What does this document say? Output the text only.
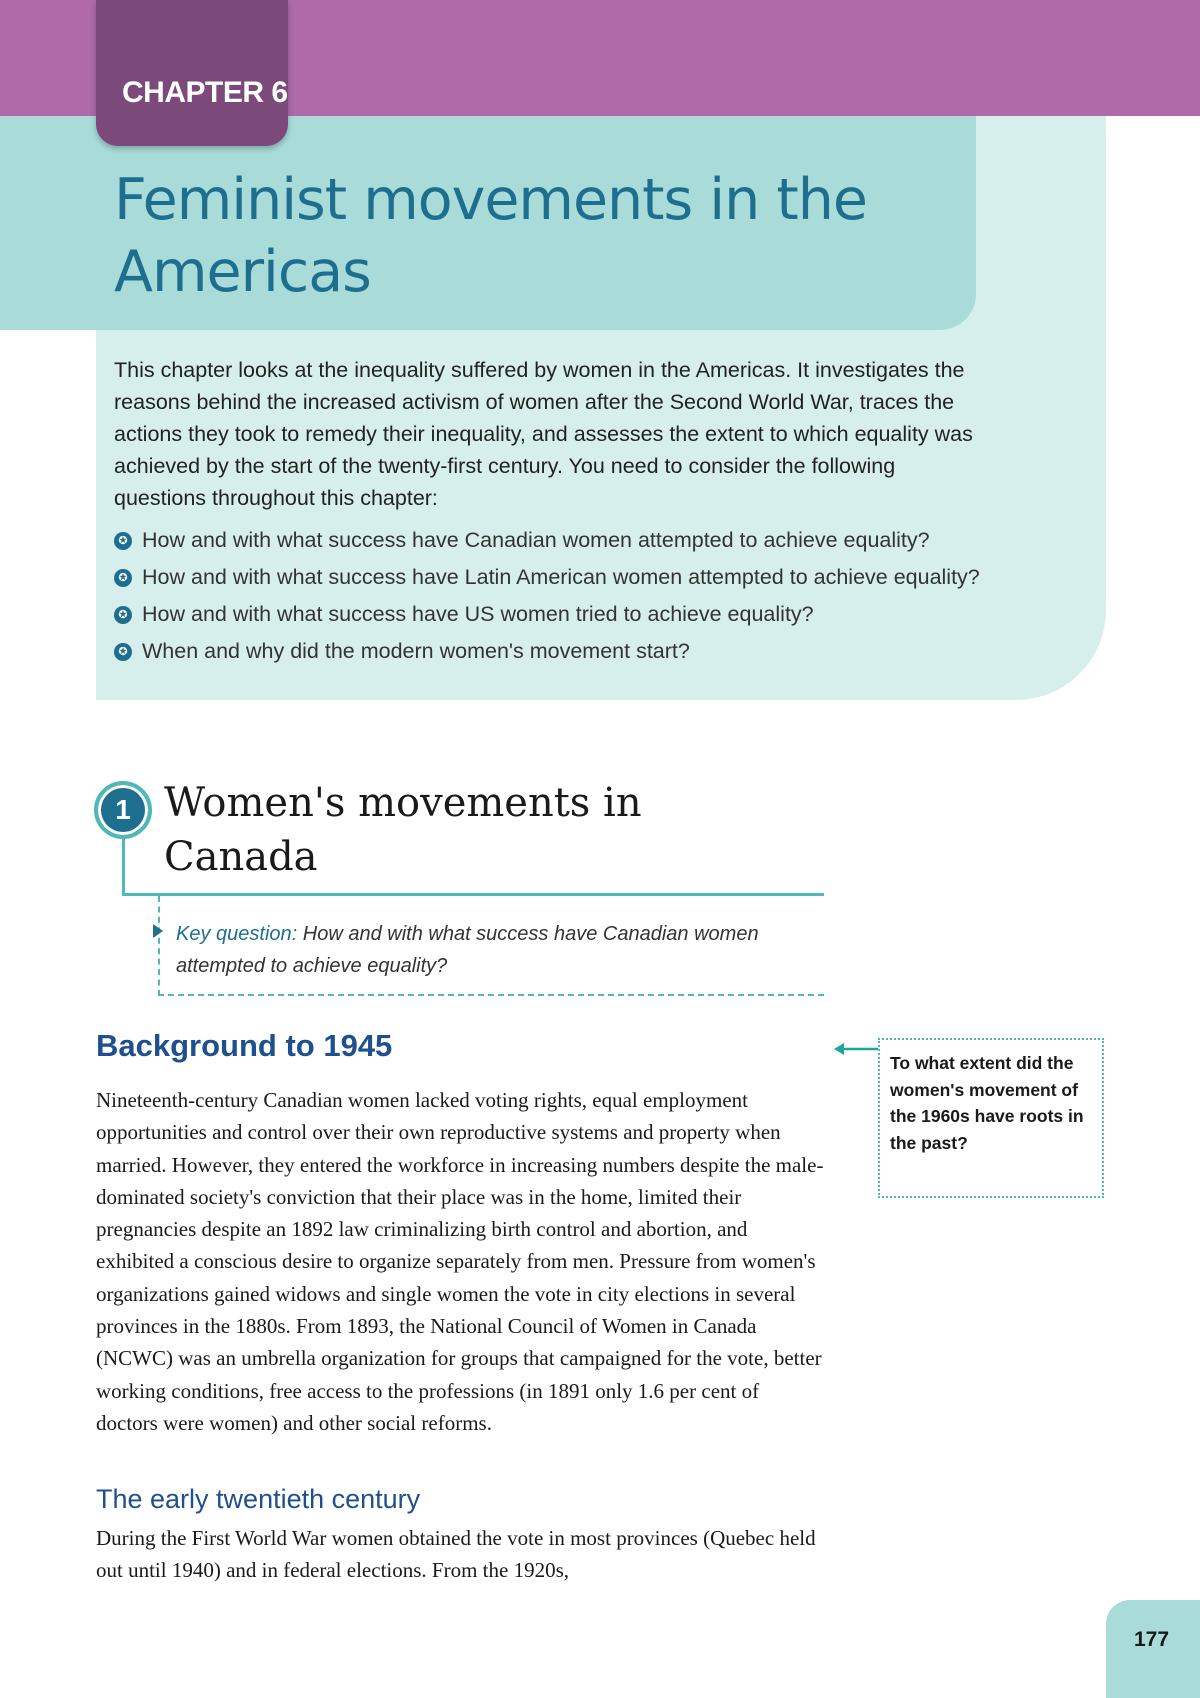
CHAPTER 6
Feminist movements in the Americas

This chapter looks at the inequality suffered by women in the Americas. It investigates the reasons behind the increased activism of women after the Second World War, traces the actions they took to remedy their inequality, and assesses the extent to which equality was achieved by the start of the twenty-first century. You need to consider the following questions throughout this chapter:

✪ How and with what success have Canadian women attempted to achieve equality?
✪ How and with what success have Latin American women attempted to achieve equality?
✪ How and with what success have US women tried to achieve equality?
✪ When and why did the modern women's movement start?
1 Women's movements in Canada

Key question: How and with what success have Canadian women attempted to achieve equality?

Background to 1945

Nineteenth-century Canadian women lacked voting rights, equal employment opportunities and control over their own reproductive systems and property when married. However, they entered the workforce in increasing numbers despite the male-dominated society's conviction that their place was in the home, limited their pregnancies despite an 1892 law criminalizing birth control and abortion, and exhibited a conscious desire to organize separately from men. Pressure from women's organizations gained widows and single women the vote in city elections in several provinces in the 1880s. From 1893, the National Council of Women in Canada (NCWC) was an umbrella organization for groups that campaigned for the vote, better working conditions, free access to the professions (in 1891 only 1.6 per cent of doctors were women) and other social reforms.

To what extent did the women's movement of the 1960s have roots in the past?

The early twentieth century

During the First World War women obtained the vote in most provinces (Quebec held out until 1940) and in federal elections. From the 1920s,

177
